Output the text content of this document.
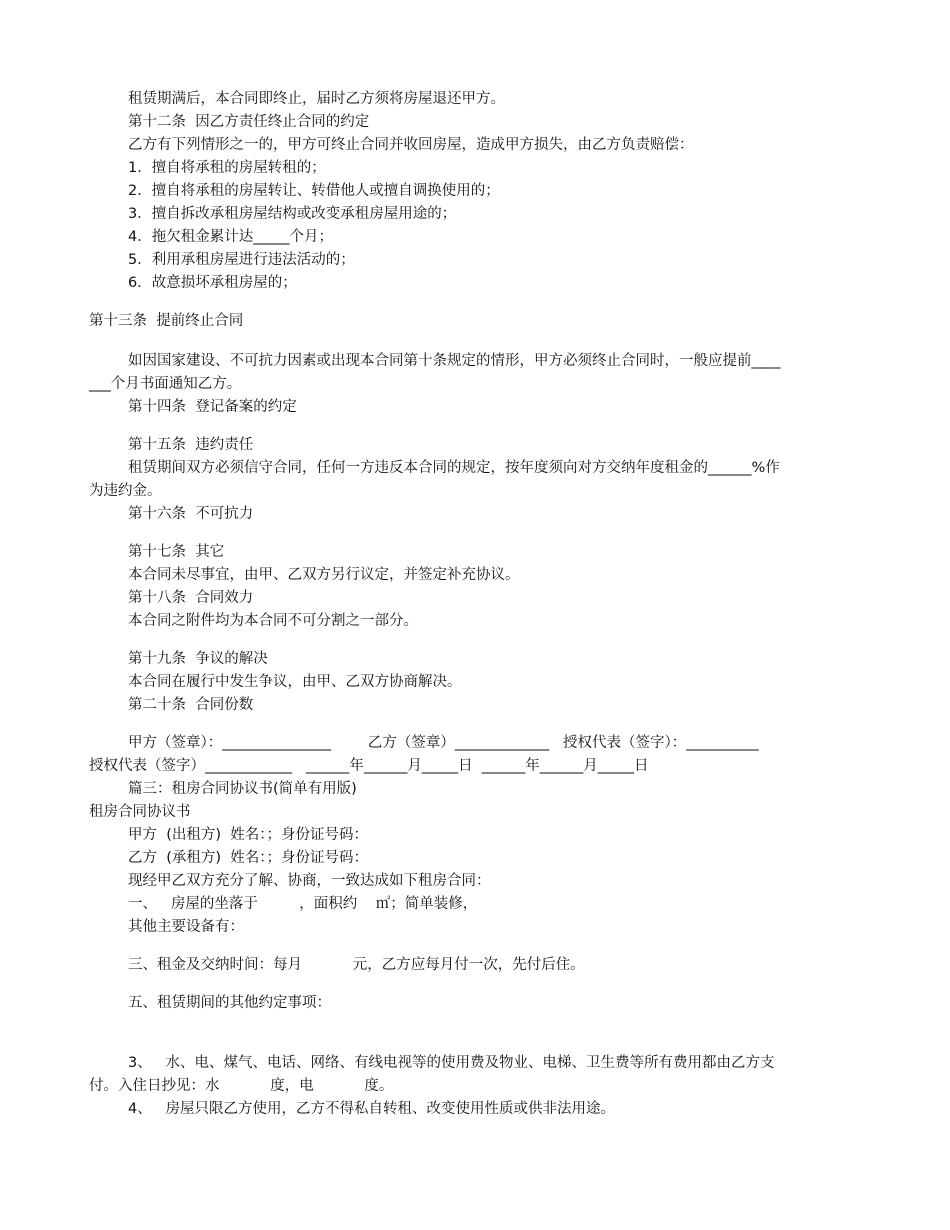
租赁期满后，本合同即终止，届时乙方须将房屋退还甲方。
第十二条  因乙方责任终止合同的约定
乙方有下列情形之一的，甲方可终止合同并收回房屋，造成甲方损失，由乙方负责赔偿：
1．擅自将承租的房屋转租的；
2．擅自将承租的房屋转让、转借他人或擅自调换使用的；
3．擅自拆改承租房屋结构或改变承租房屋用途的；
4．拖欠租金累计达_____个月；
5．利用承租房屋进行违法活动的；
6．故意损坏承租房屋的；
第十三条  提前终止合同
如因国家建设、不可抗力因素或出现本合同第十条规定的情形，甲方必须终止合同时，一般应提前____
___个月书面通知乙方。
第十四条  登记备案的约定
第十五条  违约责任
租赁期间双方必须信守合同，任何一方违反本合同的规定，按年度须向对方交纳年度租金的______%作
为违约金。
第十六条  不可抗力
第十七条  其它
本合同未尽事宜，由甲、乙双方另行议定，并签定补充协议。
第十八条  合同效力
本合同之附件均为本合同不可分割之一部分。
第十九条  争议的解决
本合同在履行中发生争议，由甲、乙双方协商解决。
第二十条  合同份数
甲方（签章）：_______________        乙方（签章）_____________   授权代表（签字）：__________
授权代表（签字）____________   ______年______月_____日  ______年______月_____日
篇三：租房合同协议书(简单有用版)
租房合同协议书
甲方  (出租方)  姓名：；身份证号码：
乙方  (承租方)  姓名：；身份证号码：
现经甲乙双方充分了解、协商，一致达成如下租房合同：
一、   房屋的坐落于         ，面积约    ㎡；简单装修，
其他主要设备有：
三、租金及交纳时间：每月           元，乙方应每月付一次，先付后住。
五、租赁期间的其他约定事项：
3、   水、电、煤气、电话、网络、有线电视等的使用费及物业、电梯、卫生费等所有费用都由乙方支
付。入住日抄见：水           度，电           度。
4、   房屋只限乙方使用，乙方不得私自转租、改变使用性质或供非法用途。
